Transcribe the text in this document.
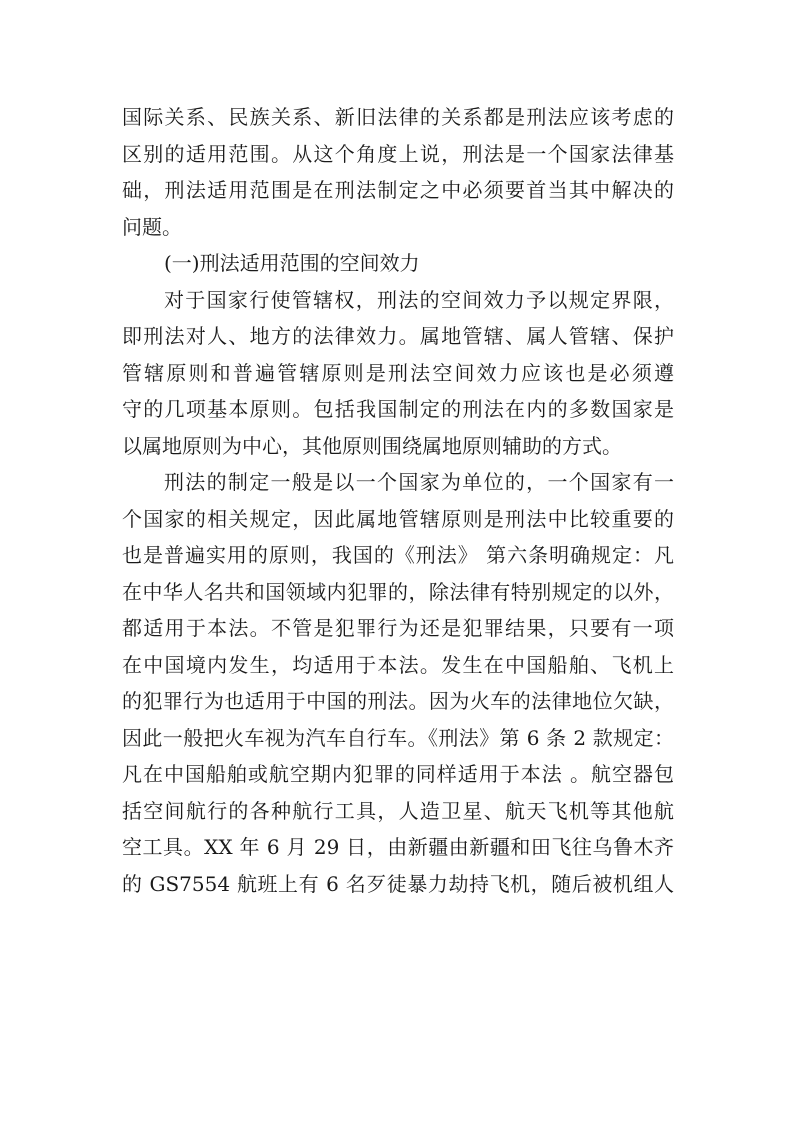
国际关系、民族关系、新旧法律的关系都是刑法应该考虑的
区别的适用范围。从这个角度上说，刑法是一个国家法律基
础，刑法适用范围是在刑法制定之中必须要首当其中解决的
问题。
(一)刑法适用范围的空间效力
对于国家行使管辖权，刑法的空间效力予以规定界限，
即刑法对人、地方的法律效力。属地管辖、属人管辖、保护
管辖原则和普遍管辖原则是刑法空间效力应该也是必须遵
守的几项基本原则。包括我国制定的刑法在内的多数国家是
以属地原则为中心，其他原则围绕属地原则辅助的方式。
刑法的制定一般是以一个国家为单位的，一个国家有一
个国家的相关规定，因此属地管辖原则是刑法中比较重要的
也是普遍实用的原则，我国的《刑法》 第六条明确规定：凡
在中华人名共和国领域内犯罪的，除法律有特别规定的以外，
都适用于本法。不管是犯罪行为还是犯罪结果，只要有一项
在中国境内发生，均适用于本法。发生在中国船舶、飞机上
的犯罪行为也适用于中国的刑法。因为火车的法律地位欠缺，
因此一般把火车视为汽车自行车。《刑法》第 6 条 2 款规定：
凡在中国船舶或航空期内犯罪的同样适用于本法 。航空器包
括空间航行的各种航行工具，人造卫星、航天飞机等其他航
空工具。XX 年 6 月 29 日，由新疆由新疆和田飞往乌鲁木齐
的 GS7554 航班上有 6 名歹徒暴力劫持飞机，随后被机组人
